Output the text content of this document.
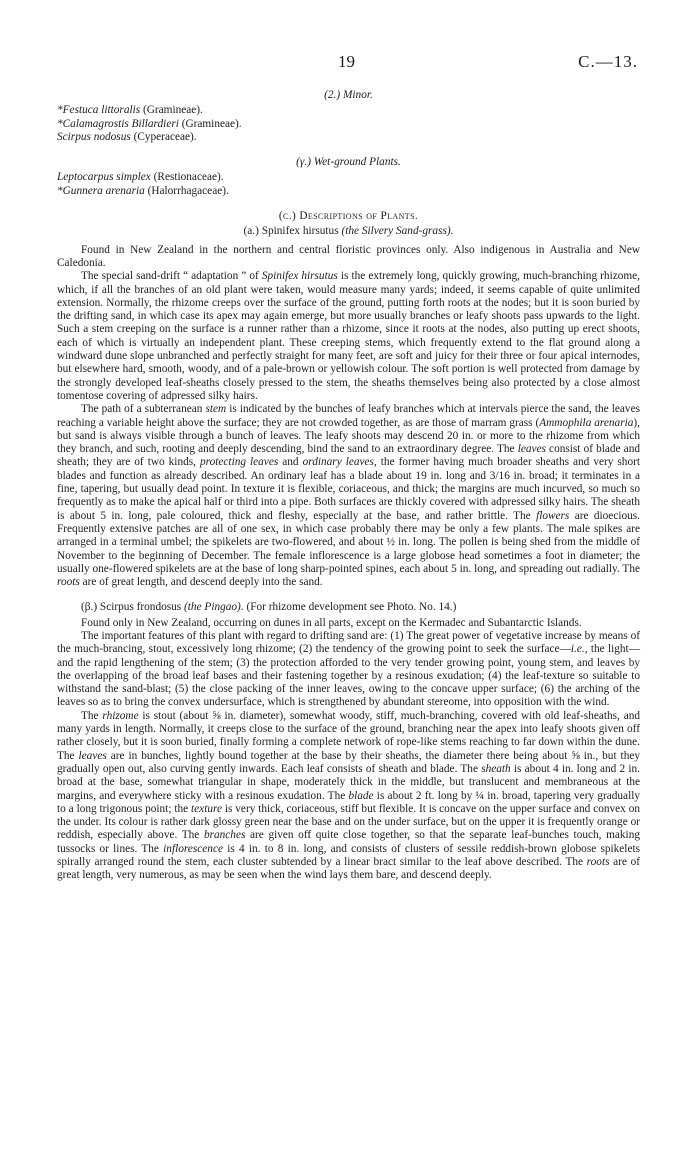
19	C.—13.
(2.) Minor.
*Festuca littoralis (Gramineae).
*Calamagrostis Billardieri (Gramineae).
Scirpus nodosus (Cyperaceae).
(γ.) Wet-ground Plants.
Leptocarpus simplex (Restionaceae).
*Gunnera arenaria (Halorrhagaceae).
(c.) Descriptions of Plants.
(a.) Spinifex hirsutus (the Silvery Sand-grass).

Found in New Zealand in the northern and central floristic provinces only. Also indigenous in Australia and New Caledonia.

The special sand-drift “ adaptation ” of Spinifex hirsutus is the extremely long, quickly growing, much-branching rhizome, which, if all the branches of an old plant were taken, would measure many yards; indeed, it seems capable of quite unlimited extension. Normally, the rhizome creeps over the surface of the ground, putting forth roots at the nodes; but it is soon buried by the drifting sand, in which case its apex may again emerge, but more usually branches or leafy shoots pass upwards to the light. Such a stem creeping on the surface is a runner rather than a rhizome, since it roots at the nodes, also putting up erect shoots, each of which is virtually an independent plant. These creeping stems, which frequently extend to the flat ground along a windward dune slope unbranched and perfectly straight for many feet, are soft and juicy for their three or four apical internodes, but elsewhere hard, smooth, woody, and of a pale-brown or yellowish colour. The soft portion is well protected from damage by the strongly developed leaf-sheaths closely pressed to the stem, the sheaths themselves being also protected by a close almost tomentose covering of adpressed silky hairs.

The path of a subterranean stem is indicated by the bunches of leafy branches which at intervals pierce the sand, the leaves reaching a variable height above the surface; they are not crowded together, as are those of marram grass (Ammophila arenaria), but sand is always visible through a bunch of leaves. The leafy shoots may descend 20 in. or more to the rhizome from which they branch, and such, rooting and deeply descending, bind the sand to an extraordinary degree. The leaves consist of blade and sheath; they are of two kinds, protecting leaves and ordinary leaves, the former having much broader sheaths and very short blades and function as already described. An ordinary leaf has a blade about 19 in. long and 3/16 in. broad; it terminates in a fine, tapering, but usually dead point. In texture it is flexible, coriaceous, and thick; the margins are much incurved, so much so frequently as to make the apical half or third into a pipe. Both surfaces are thickly covered with adpressed silky hairs. The sheath is about 5 in. long, pale coloured, thick and fleshy, especially at the base, and rather brittle. The flowers are dioecious. Frequently extensive patches are all of one sex, in which case probably there may be only a few plants. The male spikes are arranged in a terminal umbel; the spikelets are two-flowered, and about ½ in. long. The pollen is being shed from the middle of November to the beginning of December. The female inflorescence is a large globose head sometimes a foot in diameter; the usually one-flowered spikelets are at the base of long sharp-pointed spines, each about 5 in. long, and spreading out radially. The roots are of great length, and descend deeply into the sand.

(β.) Scirpus frondosus (the Pingao). (For rhizome development see Photo. No. 14.)

Found only in New Zealand, occurring on dunes in all parts, except on the Kermadec and Subantarctic Islands.

The important features of this plant with regard to drifting sand are: (1) The great power of vegetative increase by means of the much-brancing, stout, excessively long rhizome; (2) the tendency of the growing point to seek the surface—i.e., the light—and the rapid lengthening of the stem; (3) the protection afforded to the very tender growing point, young stem, and leaves by the overlapping of the broad leaf bases and their fastening together by a resinous exudation; (4) the leaf-texture so suitable to withstand the sand-blast; (5) the close packing of the inner leaves, owing to the concave upper surface; (6) the arching of the leaves so as to bring the convex undersurface, which is strengthened by abundant stereome, into opposition with the wind.

The rhizome is stout (about ⅝ in. diameter), somewhat woody, stiff, much-branching, covered with old leaf-sheaths, and many yards in length. Normally, it creeps close to the surface of the ground, branching near the apex into leafy shoots given off rather closely, but it is soon buried, finally forming a complete network of rope-like stems reaching to far down within the dune. The leaves are in bunches, lightly bound together at the base by their sheaths, the diameter there being about ⅝ in., but they gradually open out, also curving gently inwards. Each leaf consists of sheath and blade. The sheath is about 4 in. long and 2 in. broad at the base, somewhat triangular in shape, moderately thick in the middle, but translucent and membraneous at the margins, and everywhere sticky with a resinous exudation. The blade is about 2 ft. long by ¼ in. broad, tapering very gradually to a long trigonous point; the texture is very thick, coriaceous, stiff but flexible. It is concave on the upper surface and convex on the under. Its colour is rather dark glossy green near the base and on the under surface, but on the upper it is frequently orange or reddish, especially above. The branches are given off quite close together, so that the separate leaf-bunches touch, making tussocks or lines. The inflorescence is 4 in. to 8 in. long, and consists of clusters of sessile reddish-brown globose spikelets spirally arranged round the stem, each cluster subtended by a linear bract similar to the leaf above described. The roots are of great length, very numerous, as may be seen when the wind lays them bare, and descend deeply.
